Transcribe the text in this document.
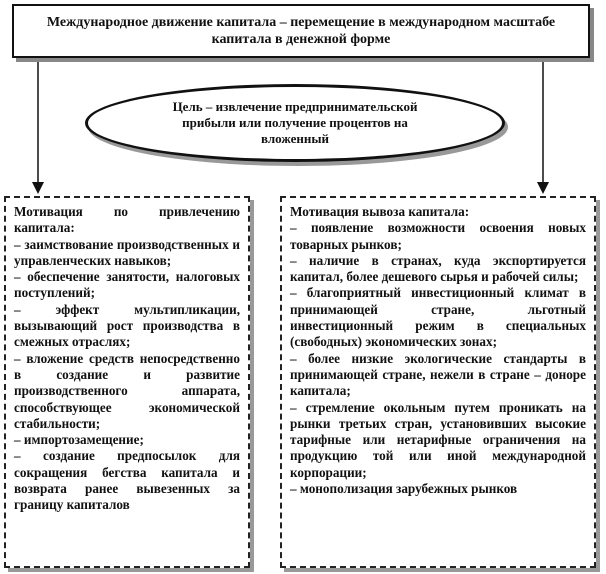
Международное движение капитала – перемещение в международном масштабе капитала в денежной форме
Цель – извлечение предпринимательской прибыли или получение процентов на вложенный
Мотивация по привлечению капитала:
– заимствование производственных и управленческих навыков;
– обеспечение занятости, налоговых поступлений;
– эффект мультипликации, вызывающий рост производства в смежных отраслях;
– вложение средств непосредственно в создание и развитие производственного аппарата, способствующее экономической стабильности;
– импортозамещение;
– создание предпосылок для сокращения бегства капитала и возврата ранее вывезенных за границу капиталов
Мотивация вывоза капитала:
– появление возможности освоения новых товарных рынков;
– наличие в странах, куда экспортируется капитал, более дешевого сырья и рабочей силы;
– благоприятный инвестиционный климат в принимающей стране, льготный инвестиционный режим в специальных (свободных) экономических зонах;
– более низкие экологические стандарты в принимающей стране, нежели в стране – доноре капитала;
– стремление окольным путем проникать на рынки третьих стран, установивших высокие тарифные или нетарифные ограничения на продукцию той или иной международной корпорации;
– монополизация зарубежных рынков
